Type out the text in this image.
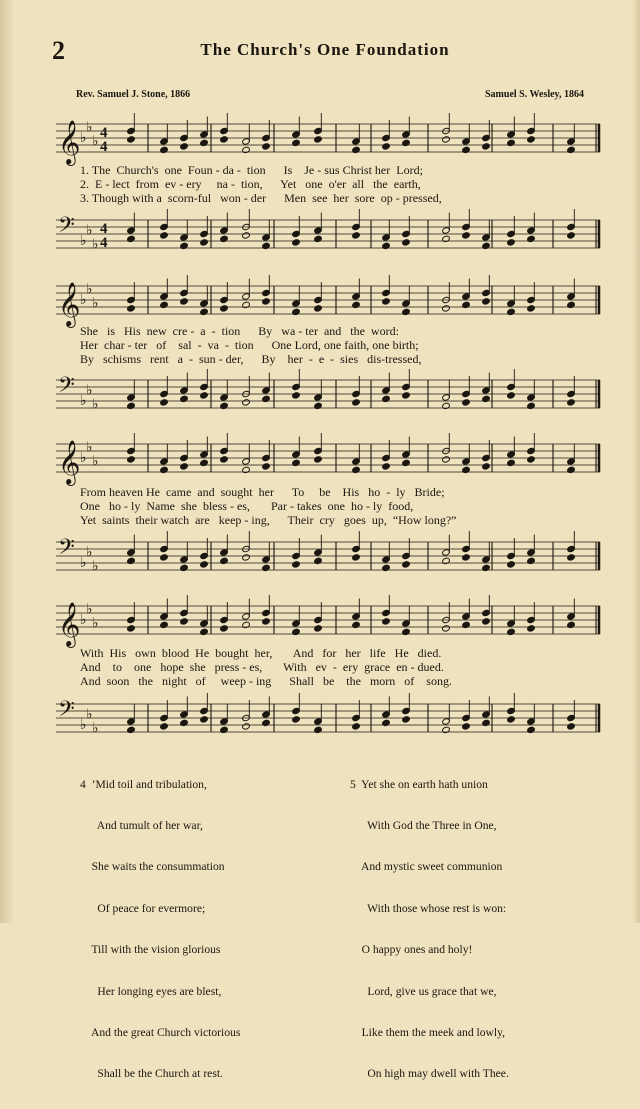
2	The Church's One Foundation
Rev. Samuel J. Stone, 1866	Samuel S. Wesley, 1864
𝄞 ♭
♭
♭
4
4
1. The  Church's  one  Foun - da -  tion      Is    Je - sus Christ her  Lord;
2.  E - lect  from  ev - ery     na -  tion,      Yet   one  o'er  all   the  earth,
3. Though with a  scorn-ful   won - der      Men  see  her  sore  op - pressed,
𝄢 ♭
♭
♭
4
4
𝄞 ♭
♭
♭
She   is   His  new  cre -  a  -  tion      By   wa - ter  and   the  word:
Her  char - ter   of    sal  -  va  -  tion      One Lord, one faith, one birth;
By   schisms   rent   a  -  sun - der,      By    her  -  e  -  sies   dis-tressed,
𝄢 ♭
♭
♭
𝄞 ♭
♭
♭
From heaven He  came  and  sought  her      To     be    His   ho  -  ly   Bride;
One   ho - ly  Name  she  bless - es,       Par - takes  one  ho - ly  food,
Yet  saints  their watch  are   keep - ing,      Their  cry   goes  up,  “How long?”
𝄢 ♭
♭
♭
𝄞 ♭
♭
♭
With  His   own  blood  He  bought  her,       And   for   her   life   He   died.
And    to    one   hope  she   press - es,       With   ev  -  ery  grace  en - dued.
And  soon   the   night   of     weep - ing      Shall   be    the   morn   of    song.
𝄢 ♭
♭
♭

4  ’Mid toil and tribulation,

And tumult of her war,

She waits the consummation

Of peace for evermore;

Till with the vision glorious

Her longing eyes are blest,

And the great Church victorious

Shall be the Church at rest.

5  Yet she on earth hath union

With God the Three in One,

And mystic sweet communion

With those whose rest is won:

O happy ones and holy!

Lord, give us grace that we,

Like them the meek and lowly,

On high may dwell with Thee.
